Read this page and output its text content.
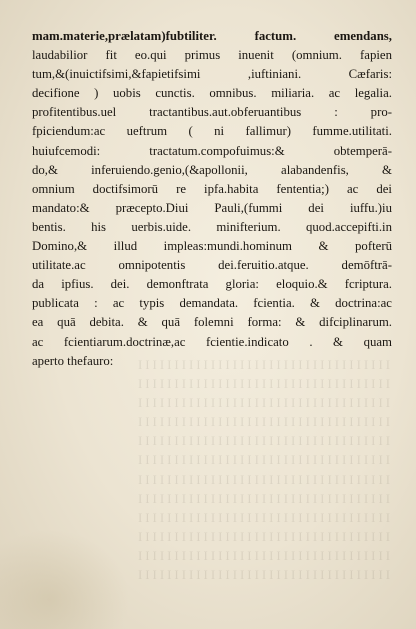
I I I I I I I I I I I I I I I I I I I I I I I I I I I I I I I I I I I
I I I I I I I I I I I I I I I I I I I I I I I I I I I I I I I I I I I
I I I I I I I I I I I I I I I I I I I I I I I I I I I I I I I I I I I
I I I I I I I I I I I I I I I I I I I I I I I I I I I I I I I I I I I
I I I I I I I I I I I I I I I I I I I I I I I I I I I I I I I I I I I
I I I I I I I I I I I I I I I I I I I I I I I I I I I I I I I I I I I
I I I I I I I I I I I I I I I I I I I I I I I I I I I I I I I I I I I
I I I I I I I I I I I I I I I I I I I I I I I I I I I I I I I I I I I
I I I I I I I I I I I I I I I I I I I I I I I I I I I I I I I I I I I
I I I I I I I I I I I I I I I I I I I I I I I I I I I I I I I I I I I
I I I I I I I I I I I I I I I I I I I I I I I I I I I I I I I I I I I
I I I I I I I I I I I I I I I I I I I I I I I I I I I I I I I I I I I
mam.materie,prælatam)fubtiliter. factum. emendans,
laudabilior fit eo.qui primus inuenit (omnium. fapien
tum,&(inuictifsimi,&fapietifsimi ,iuftiniani. Cæfaris:
decifione ) uobis cunctis. omnibus. miliaria. ac legalia.
profitentibus.uel tractantibus.aut.obferuantibus : pro-
fpiciendum:ac ueftrum ( ni fallimur) fumme.utilitati.
huiufcemodi: tractatum.compofuimus:& obtemperā-
do,& inferuiendo.genio,(&apollonii, alabandenfis, &
omnium doctifsimorū re ipfa.habita fententia;) ac dei
mandato:& præcepto.Diui Pauli,(fummi dei iuffu.)iu
bentis. his uerbis.uide. minifterium. quod.accepifti.in
Domino,& illud impleas:mundi.hominum & pofterū
utilitate.ac omnipotentis dei.feruitio.atque. demōftrā-
da ipfius. dei. demonftrata gloria: eloquio.& fcriptura.
publicata : ac typis demandata. fcientia. & doctrina:ac
ea quā debita. & quā folemni forma: & difciplinarum.
ac fcientiarum.doctrinæ,ac fcientie.indicato . & quam
aperto thefauro:
